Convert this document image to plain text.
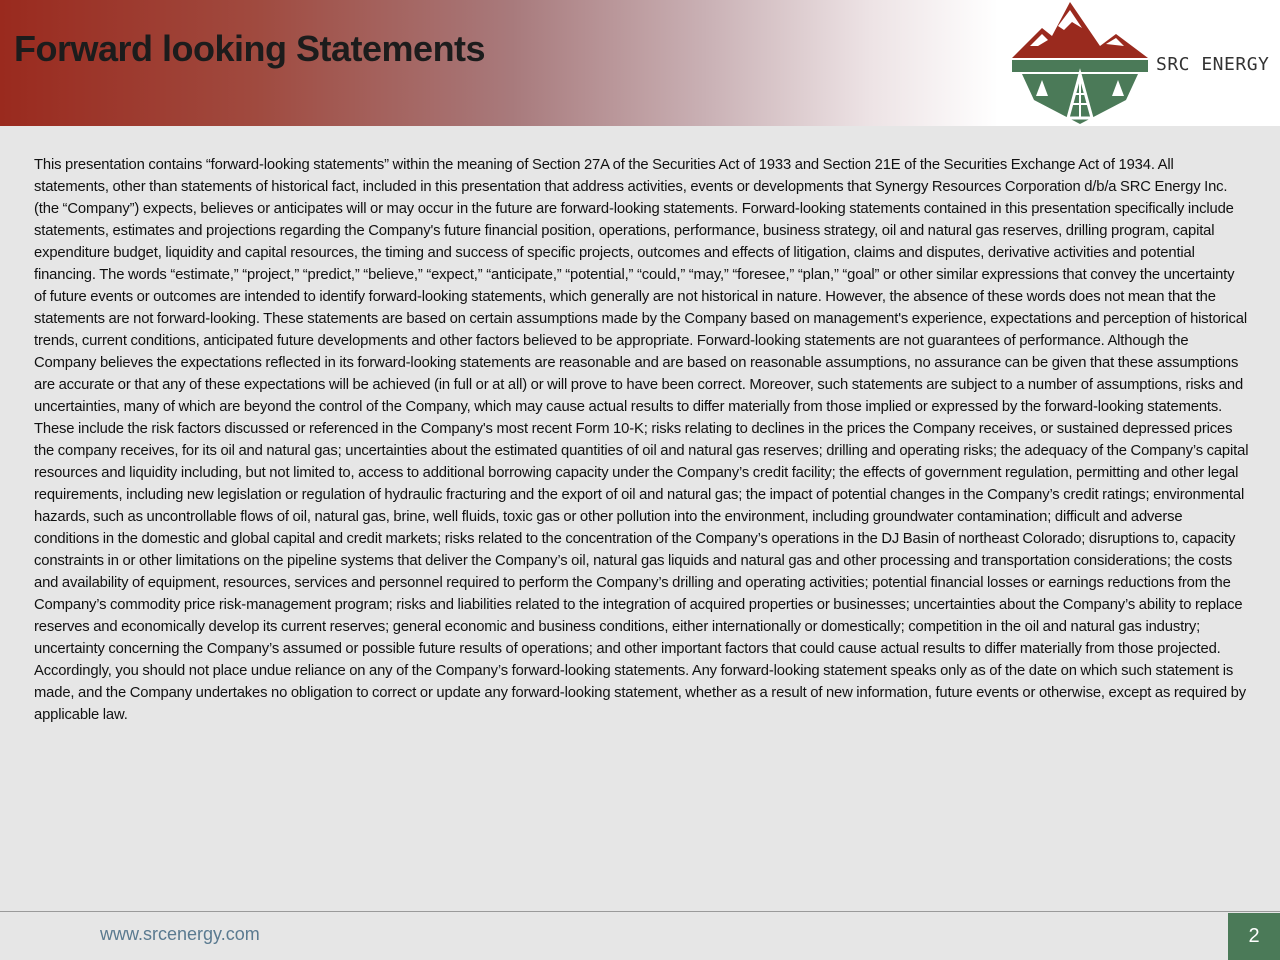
Forward looking Statements	SRC ENERGY
This presentation contains “forward-looking statements” within the meaning of Section 27A of the Securities Act of 1933 and Section 21E of the Securities Exchange Act of 1934. All statements, other than statements of historical fact, included in this presentation that address activities, events or developments that Synergy Resources Corporation d/b/a SRC Energy Inc. (the “Company”) expects, believes or anticipates will or may occur in the future are forward-looking statements. Forward-looking statements contained in this presentation specifically include statements, estimates and projections regarding the Company's future financial position, operations, performance, business strategy, oil and natural gas reserves, drilling program, capital expenditure budget, liquidity and capital resources, the timing and success of specific projects, outcomes and effects of litigation, claims and disputes, derivative activities and potential financing. The words “estimate,” “project,” “predict,” “believe,” “expect,” “anticipate,” “potential,” “could,” “may,” “foresee,” “plan,” “goal” or other similar expressions that convey the uncertainty of future events or outcomes are intended to identify forward-looking statements, which generally are not historical in nature. However, the absence of these words does not mean that the statements are not forward-looking. These statements are based on certain assumptions made by the Company based on management's experience, expectations and perception of historical trends, current conditions, anticipated future developments and other factors believed to be appropriate. Forward-looking statements are not guarantees of performance. Although the Company believes the expectations reflected in its forward-looking statements are reasonable and are based on reasonable assumptions, no assurance can be given that these assumptions are accurate or that any of these expectations will be achieved (in full or at all) or will prove to have been correct. Moreover, such statements are subject to a number of assumptions, risks and uncertainties, many of which are beyond the control of the Company, which may cause actual results to differ materially from those implied or expressed by the forward-looking statements. These include the risk factors discussed or referenced in the Company's most recent Form 10-K; risks relating to declines in the prices the Company receives, or sustained depressed prices the company receives, for its oil and natural gas; uncertainties about the estimated quantities of oil and natural gas reserves; drilling and operating risks; the adequacy of the Company’s capital resources and liquidity including, but not limited to, access to additional borrowing capacity under the Company’s credit facility; the effects of government regulation, permitting and other legal requirements, including new legislation or regulation of hydraulic fracturing and the export of oil and natural gas; the impact of potential changes in the Company’s credit ratings; environmental hazards, such as uncontrollable flows of oil, natural gas, brine, well fluids, toxic gas or other pollution into the environment, including groundwater contamination; difficult and adverse conditions in the domestic and global capital and credit markets; risks related to the concentration of the Company’s operations in the DJ Basin of northeast Colorado; disruptions to, capacity constraints in or other limitations on the pipeline systems that deliver the Company’s oil, natural gas liquids and natural gas and other processing and transportation considerations; the costs and availability of equipment, resources, services and personnel required to perform the Company’s drilling and operating activities; potential financial losses or earnings reductions from the Company’s commodity price risk-management program; risks and liabilities related to the integration of acquired properties or businesses; uncertainties about the Company’s ability to replace reserves and economically develop its current reserves; general economic and business conditions, either internationally or domestically; competition in the oil and natural gas industry; uncertainty concerning the Company’s assumed or possible future results of operations; and other important factors that could cause actual results to differ materially from those projected. Accordingly, you should not place undue reliance on any of the Company’s forward-looking statements. Any forward-looking statement speaks only as of the date on which such statement is made, and the Company undertakes no obligation to correct or update any forward-looking statement, whether as a result of new information, future events or otherwise, except as required by applicable law.
www.srcenergy.com	2
